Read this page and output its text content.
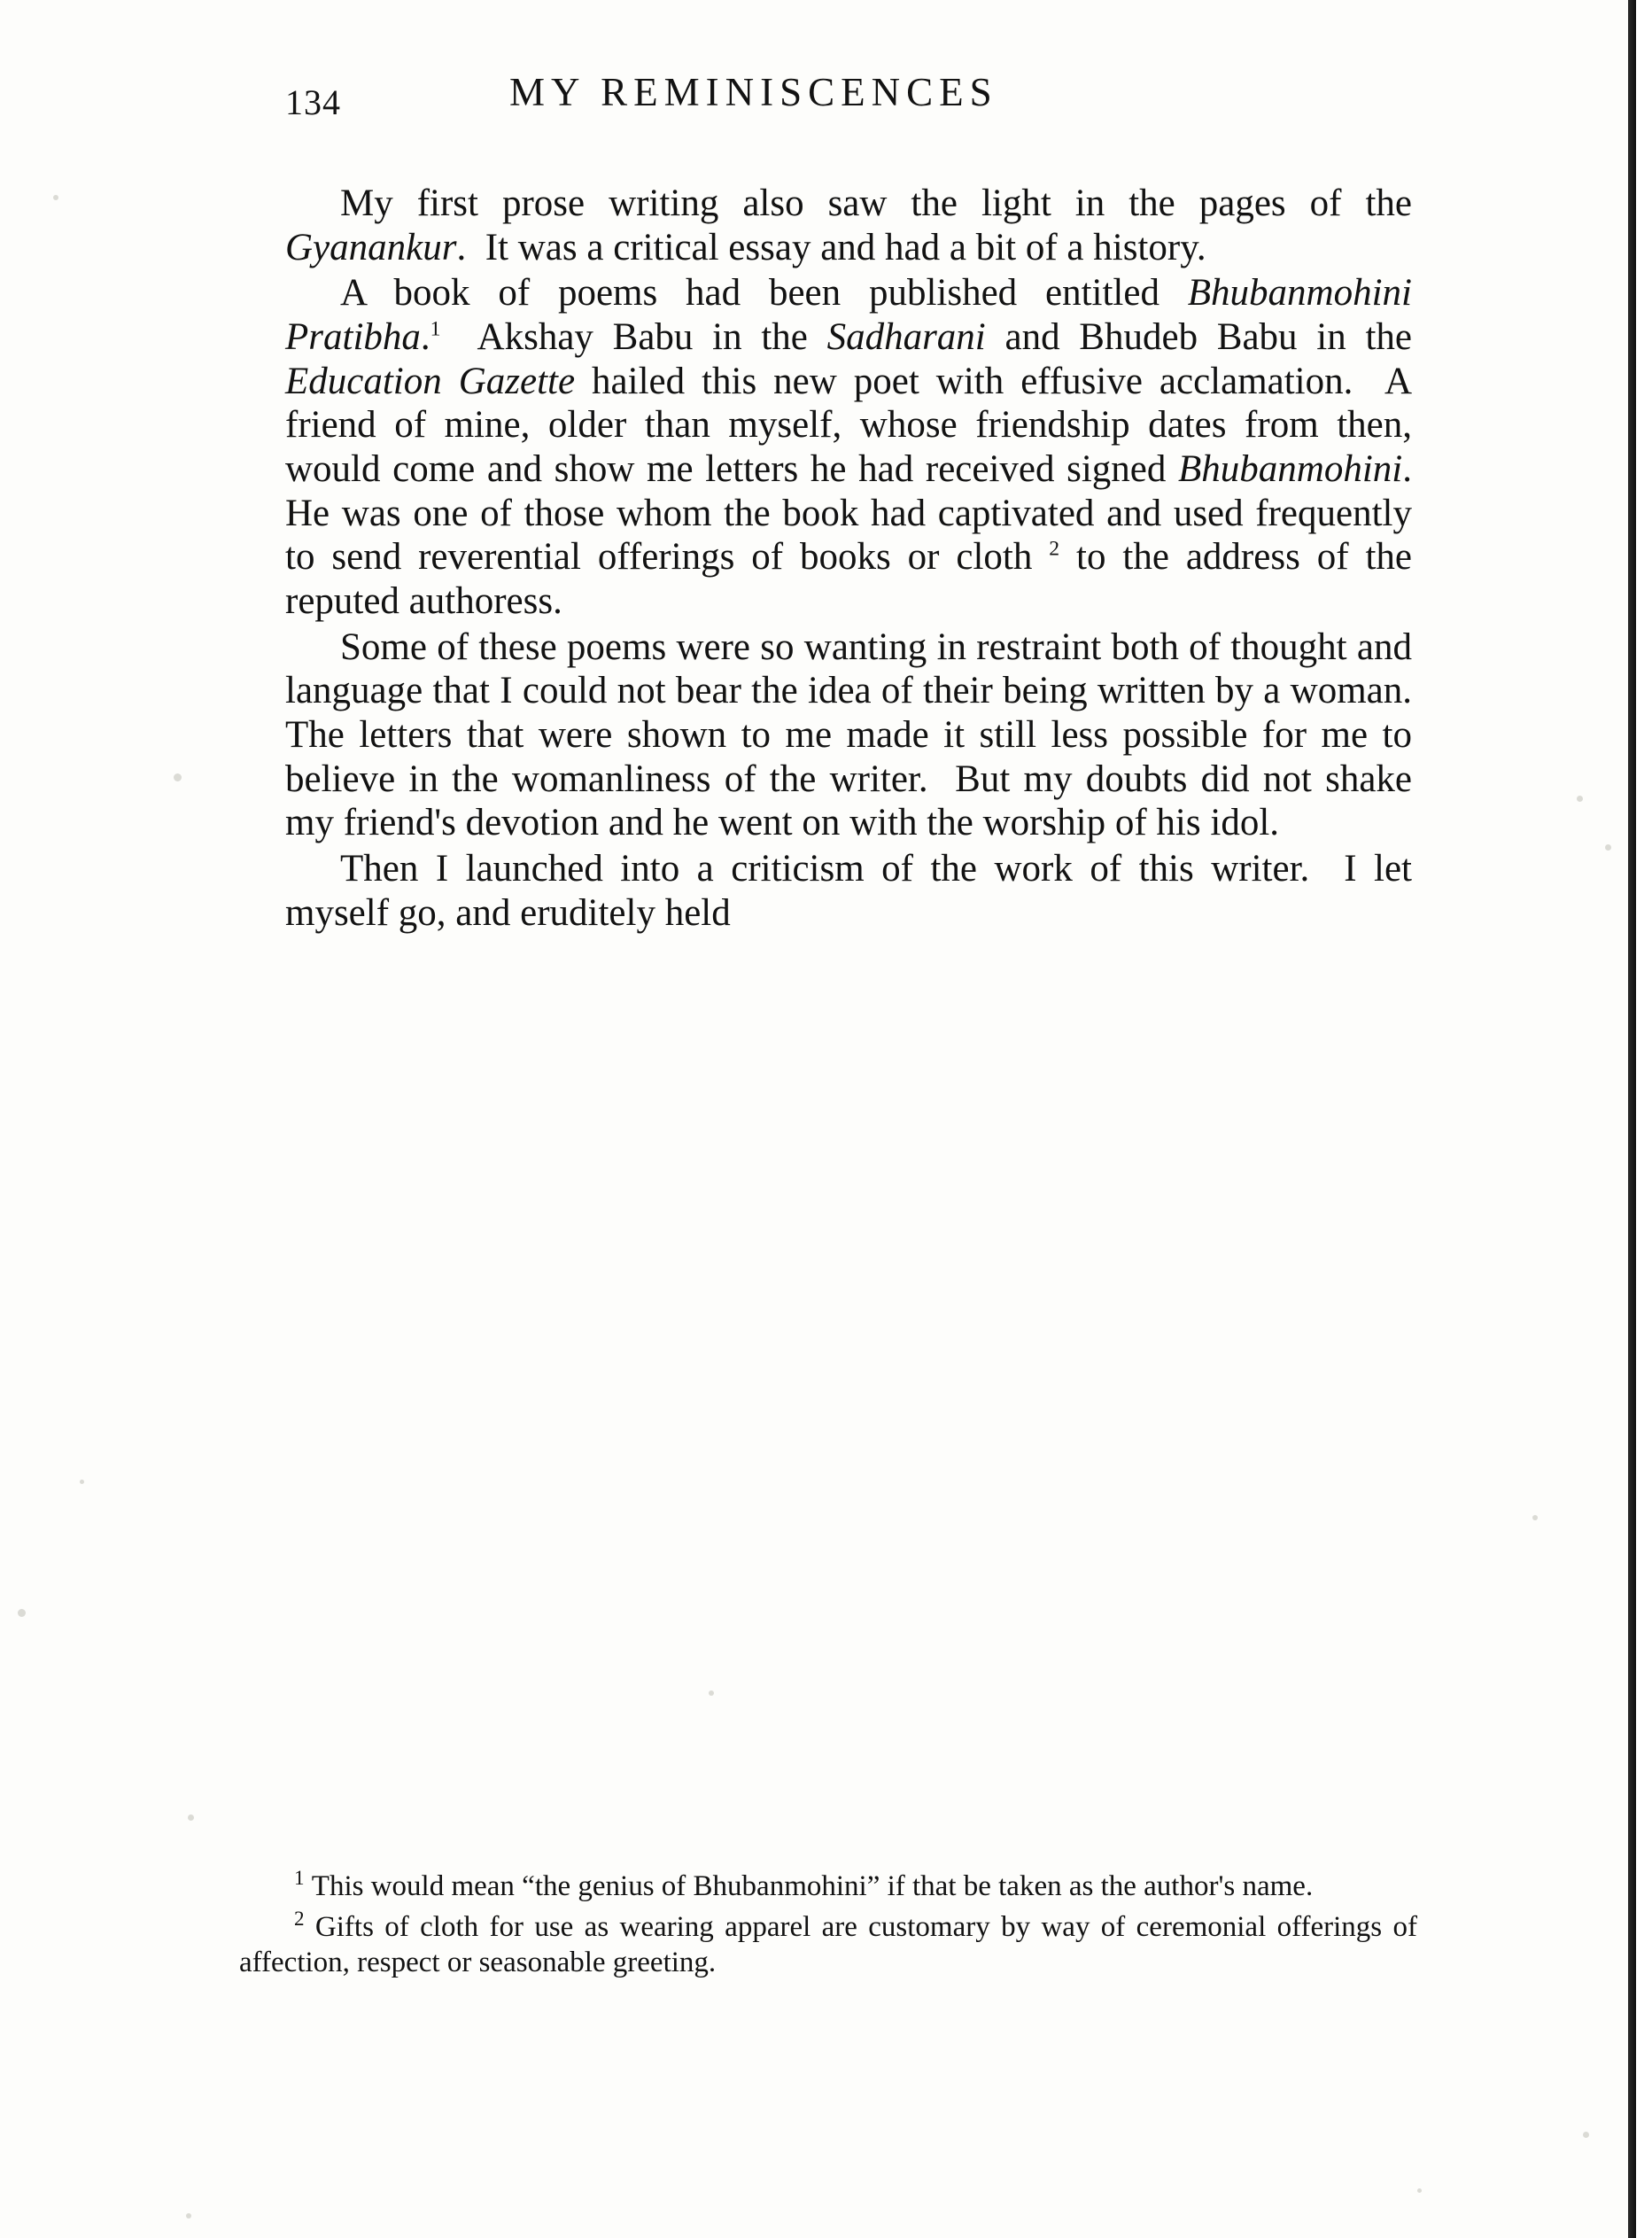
134	MY REMINISCENCES

My first prose writing also saw the light in the pages of the Gyanankur.  It was a critical essay and had a bit of a history.

A book of poems had been published entitled Bhubanmohini Pratibha.$^1$  Akshay Babu in the Sadharani and Bhudeb Babu in the Education Gazette hailed this new poet with effusive acclamation.  A friend of mine, older than myself, whose friendship dates from then, would come and show me letters he had received signed Bhubanmohini. He was one of those whom the book had captivated and used frequently to send reverential offerings of books or cloth $^2$ to the address of the reputed authoress.

Some of these poems were so wanting in restraint both of thought and language that I could not bear the idea of their being written by a woman. The letters that were shown to me made it still less possible for me to believe in the womanliness of the writer.  But my doubts did not shake my friend's devotion and he went on with the worship of his idol.

Then I launched into a criticism of the work of this writer.  I let myself go, and eruditely held

$^1$ This would mean “the genius of Bhubanmohini” if that be taken as the author's name.

$^2$ Gifts of cloth for use as wearing apparel are customary by way of ceremonial offerings of affection, respect or seasonable greeting.
